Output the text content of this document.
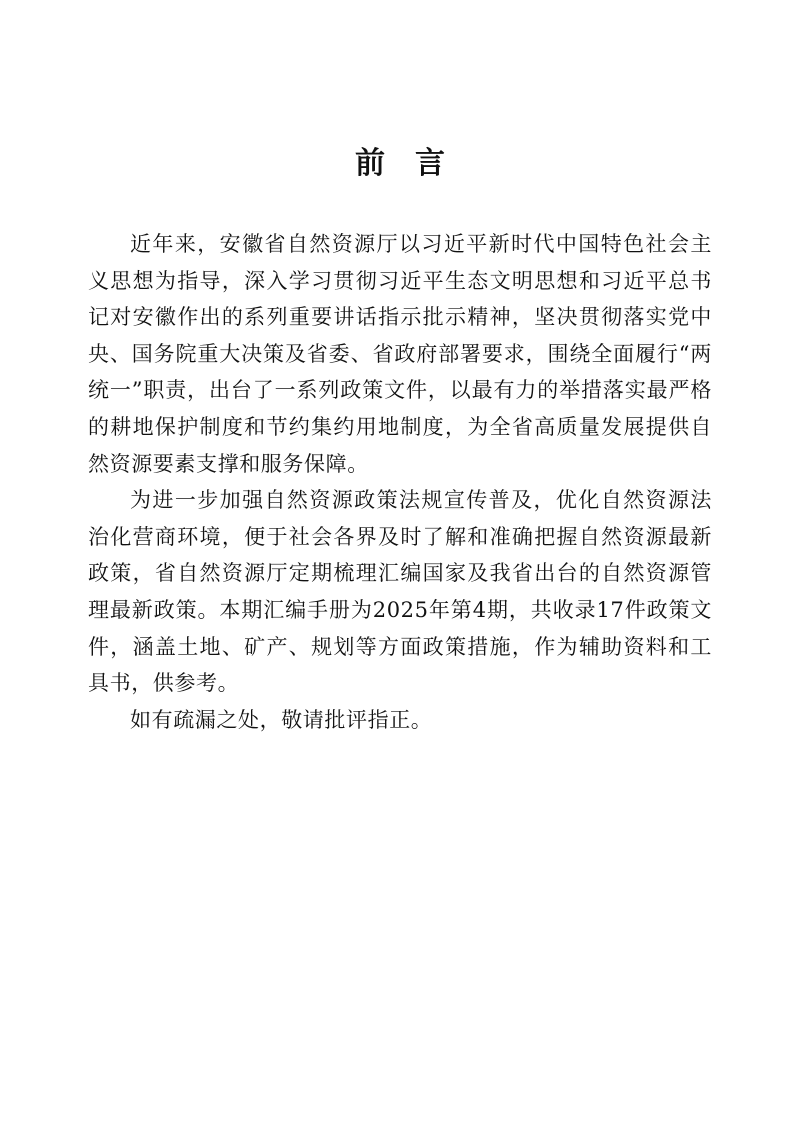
前言

近年来，安徽省自然资源厅以习近平新时代中国特色社会主义思想为指导，深入学习贯彻习近平生态文明思想和习近平总书记对安徽作出的系列重要讲话指示批示精神，坚决贯彻落实党中央、国务院重大决策及省委、省政府部署要求，围绕全面履行“两统一”职责，出台了一系列政策文件，以最有力的举措落实最严格的耕地保护制度和节约集约用地制度，为全省高质量发展提供自然资源要素支撑和服务保障。

为进一步加强自然资源政策法规宣传普及，优化自然资源法治化营商环境，便于社会各界及时了解和准确把握自然资源最新政策，省自然资源厅定期梳理汇编国家及我省出台的自然资源管理最新政策。本期汇编手册为2025年第4期，共收录17件政策文件，涵盖土地、矿产、规划等方面政策措施，作为辅助资料和工具书，供参考。

如有疏漏之处，敬请批评指正。
